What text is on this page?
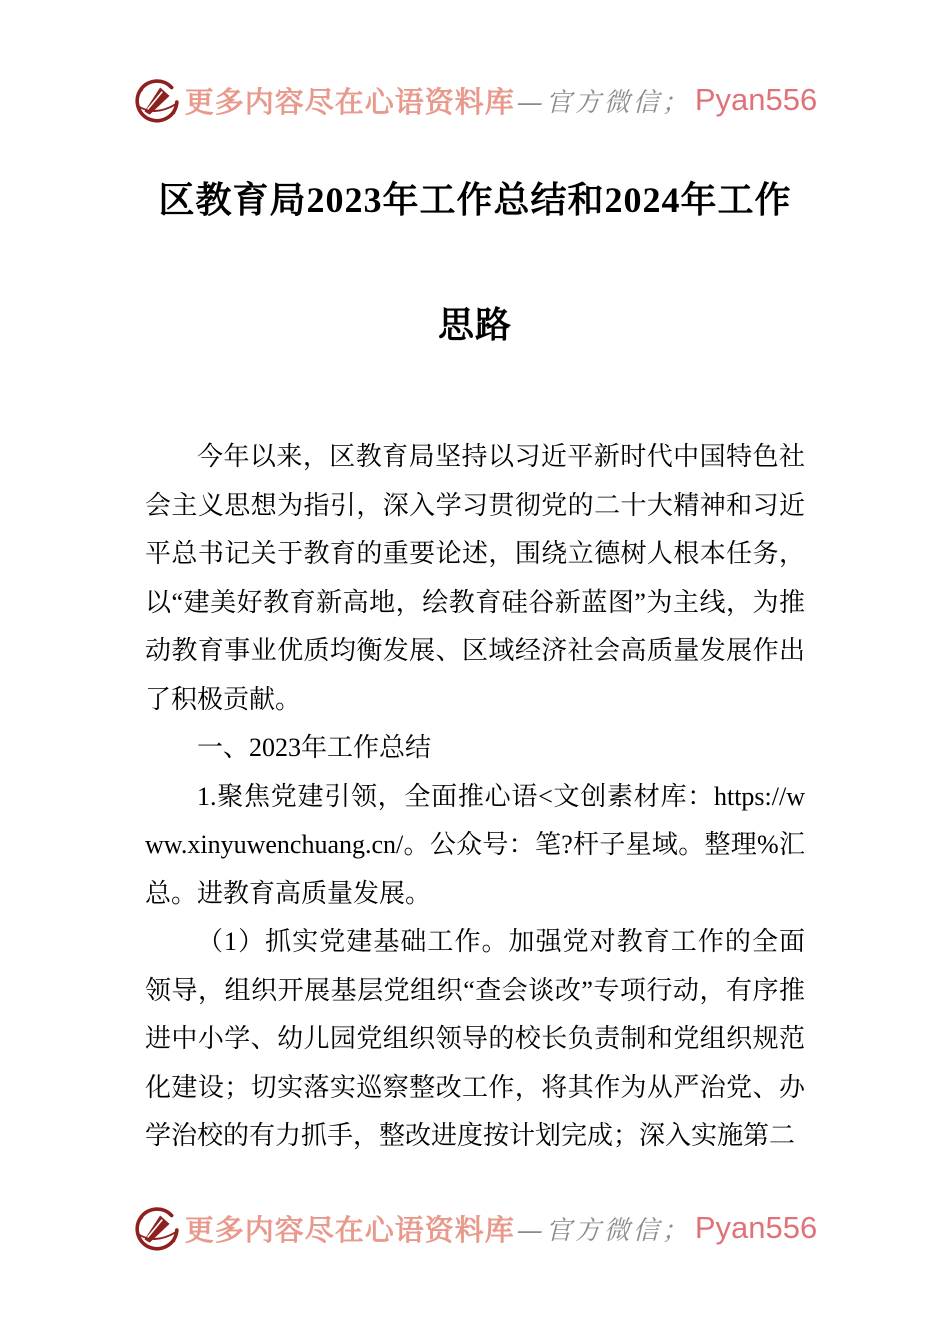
更多内容尽在心语资料库 —官方微信； Pyan556
区教育局2023年工作总结和2024年工作思路

今年以来，区教育局坚持以习近平新时代中国特色社会主义思想为指引，深入学习贯彻党的二十大精神和习近平总书记关于教育的重要论述，围绕立德树人根本任务，以“建美好教育新高地，绘教育硅谷新蓝图”为主线，为推动教育事业优质均衡发展、区域经济社会高质量发展作出了积极贡献。

一、2023年工作总结

1.聚焦党建引领，全面推心语<文创素材库：https://www.xinyuwenchuang.cn/。公众号：笔?杆子星域。整理%汇总。进教育高质量发展。

（1）抓实党建基础工作。加强党对教育工作的全面领导，组织开展基层党组织“查会谈改”专项行动，有序推进中小学、幼儿园党组织领导的校长负责制和党组织规范化建设；切实落实巡察整改工作，将其作为从严治党、办学治校的有力抓手，整改进度按计划完成；深入实施第二

更多内容尽在心语资料库 —官方微信； Pyan556
